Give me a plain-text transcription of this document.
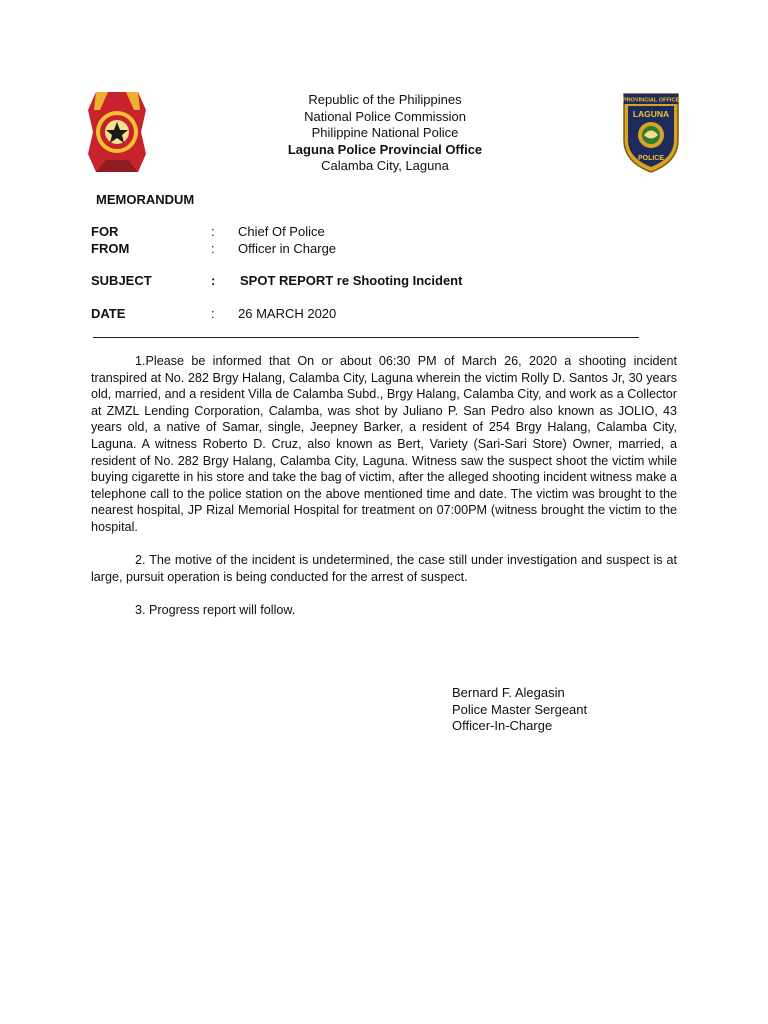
Republic of the Philippines
National Police Commission
Philippine National Police
Laguna Police Provincial Office
Calamba City, Laguna
PROVINCIAL OFFICE
LAGUNA
POLICE
MEMORANDUM
FOR	: Chief Of Police
FROM	: Officer in Charge
SUBJECT	: SPOT REPORT re Shooting Incident
DATE	: 26 MARCH 2020
1.Please be informed that On or about 06:30 PM of March 26, 2020 a shooting incident transpired at No. 282 Brgy Halang, Calamba City, Laguna wherein the victim Rolly D. Santos Jr, 30 years old, married, and a resident Villa de Calamba Subd., Brgy Halang, Calamba City, and work as a Collector at ZMZL Lending Corporation, Calamba, was shot by Juliano P. San Pedro also known as JOLIO, 43 years old, a native of Samar, single, Jeepney Barker, a resident of 254 Brgy Halang, Calamba City, Laguna. A witness Roberto D. Cruz, also known as Bert, Variety (Sari-Sari Store) Owner, married, a resident of No. 282 Brgy Halang, Calamba City, Laguna. Witness saw the suspect shoot the victim while buying cigarette in his store and take the bag of victim, after the alleged shooting incident witness make a telephone call to the police station on the above mentioned time and date. The victim was brought to the nearest hospital, JP Rizal Memorial Hospital for treatment on 07:00PM (witness brought the victim to the hospital.
2. The motive of the incident is undetermined, the case still under investigation and suspect is at large, pursuit operation is being conducted for the arrest of suspect.
3. Progress report will follow.
Bernard F. Alegasin
Police Master Sergeant
Officer-In-Charge
